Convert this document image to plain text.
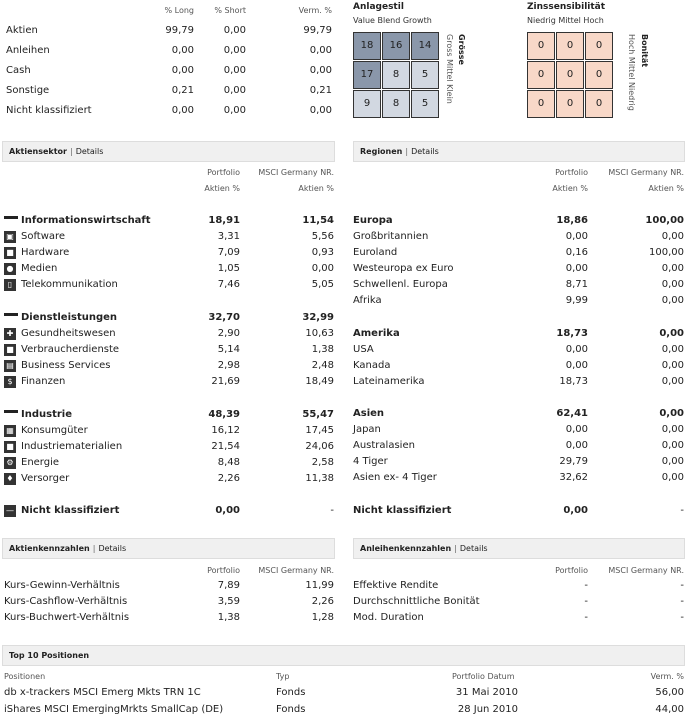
% Long	% Short	Verm. %
Aktien	99,79	0,00	99,79
Anleihen	0,00	0,00	0,00
Cash	0,00	0,00	0,00
Sonstige	0,21	0,00	0,21
Nicht klassifiziert	0,00	0,00	0,00
Anlagestil
Value Blend Growth
18	16	14
17	8	5
9	8	5
Grösse
Gross Mittel Klein
Zinssensibilität
Niedrig Mittel Hoch
0	0	0
0	0	0
0	0	0
Bonität
Hoch Mittel Niedrig
Aktiensektor | Details
Portfolio
Aktien %
MSCI Germany NR.
Aktien %
Informationswirtschaft	18,91	11,54
▣ Software	3,31	5,56
■ Hardware	7,09	0,93
● Medien	1,05	0,00
▯ Telekommunikation	7,46	5,05
Dienstleistungen	32,70	32,99
✚ Gesundheitswesen	2,90	10,63
■ Verbraucherdienste	5,14	1,38
▤ Business Services	2,98	2,48
$ Finanzen	21,69	18,49
Industrie	48,39	55,47
▦ Konsumgüter	16,12	17,45
■ Industriematerialien	21,54	24,06
⚙ Energie	8,48	2,58
♦ Versorger	2,26	11,38
— Nicht klassifiziert	0,00	-
Regionen | Details
Portfolio
Aktien %
MSCI Germany NR.
Aktien %
Europa	18,86	100,00
Großbritannien	0,00	0,00
Euroland	0,16	100,00
Westeuropa ex Euro	0,00	0,00
Schwellenl. Europa	8,71	0,00
Afrika	9,99	0,00
Amerika	18,73	0,00
USA	0,00	0,00
Kanada	0,00	0,00
Lateinamerika	18,73	0,00
Asien	62,41	0,00
Japan	0,00	0,00
Australasien	0,00	0,00
4 Tiger	29,79	0,00
Asien ex- 4 Tiger	32,62	0,00
Nicht klassifiziert	0,00	-
Aktienkennzahlen | Details
Portfolio	MSCI Germany NR.
Kurs-Gewinn-Verhältnis	7,89	11,99
Kurs-Cashflow-Verhältnis	3,59	2,26
Kurs-Buchwert-Verhältnis	1,38	1,28
Anleihenkennzahlen | Details
Portfolio	MSCI Germany NR.
Effektive Rendite	-	-
Durchschnittliche Bonität	-	-
Mod. Duration	-	-
Top 10 Positionen
Positionen	Typ	Portfolio Datum	Verm. %
db x-trackers MSCI Emerg Mkts TRN 1C	Fonds	31 Mai 2010	56,00
iShares MSCI EmergingMrkts SmallCap (DE)	Fonds	28 Jun 2010	44,00
